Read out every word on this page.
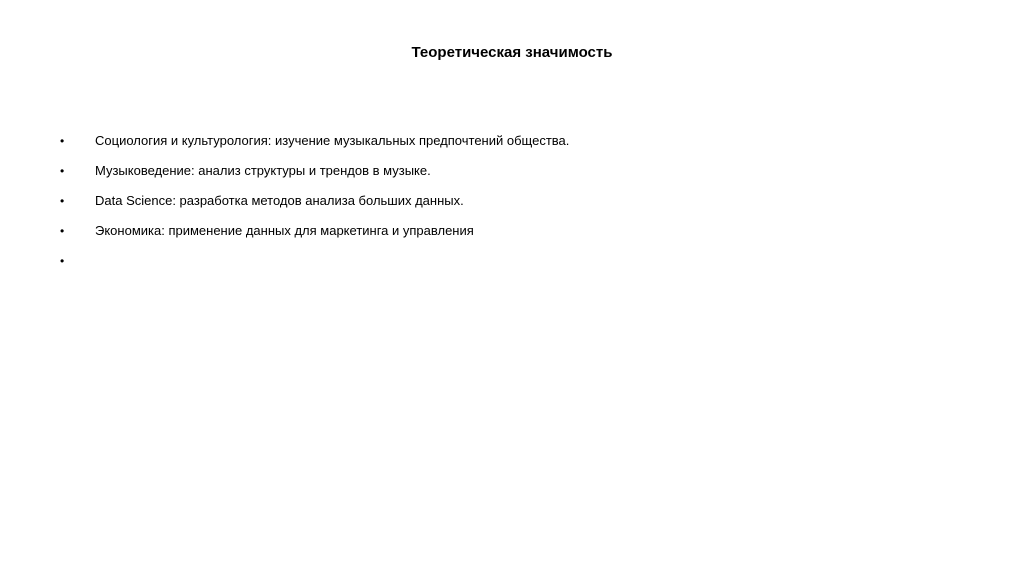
Теоретическая значимость
•	Социология и культурология: изучение музыкальных предпочтений общества.
•	Музыковедение: анализ структуры и трендов в музыке.
•	Data Science: разработка методов анализа больших данных.
•	Экономика: применение данных для маркетинга и управления
•
